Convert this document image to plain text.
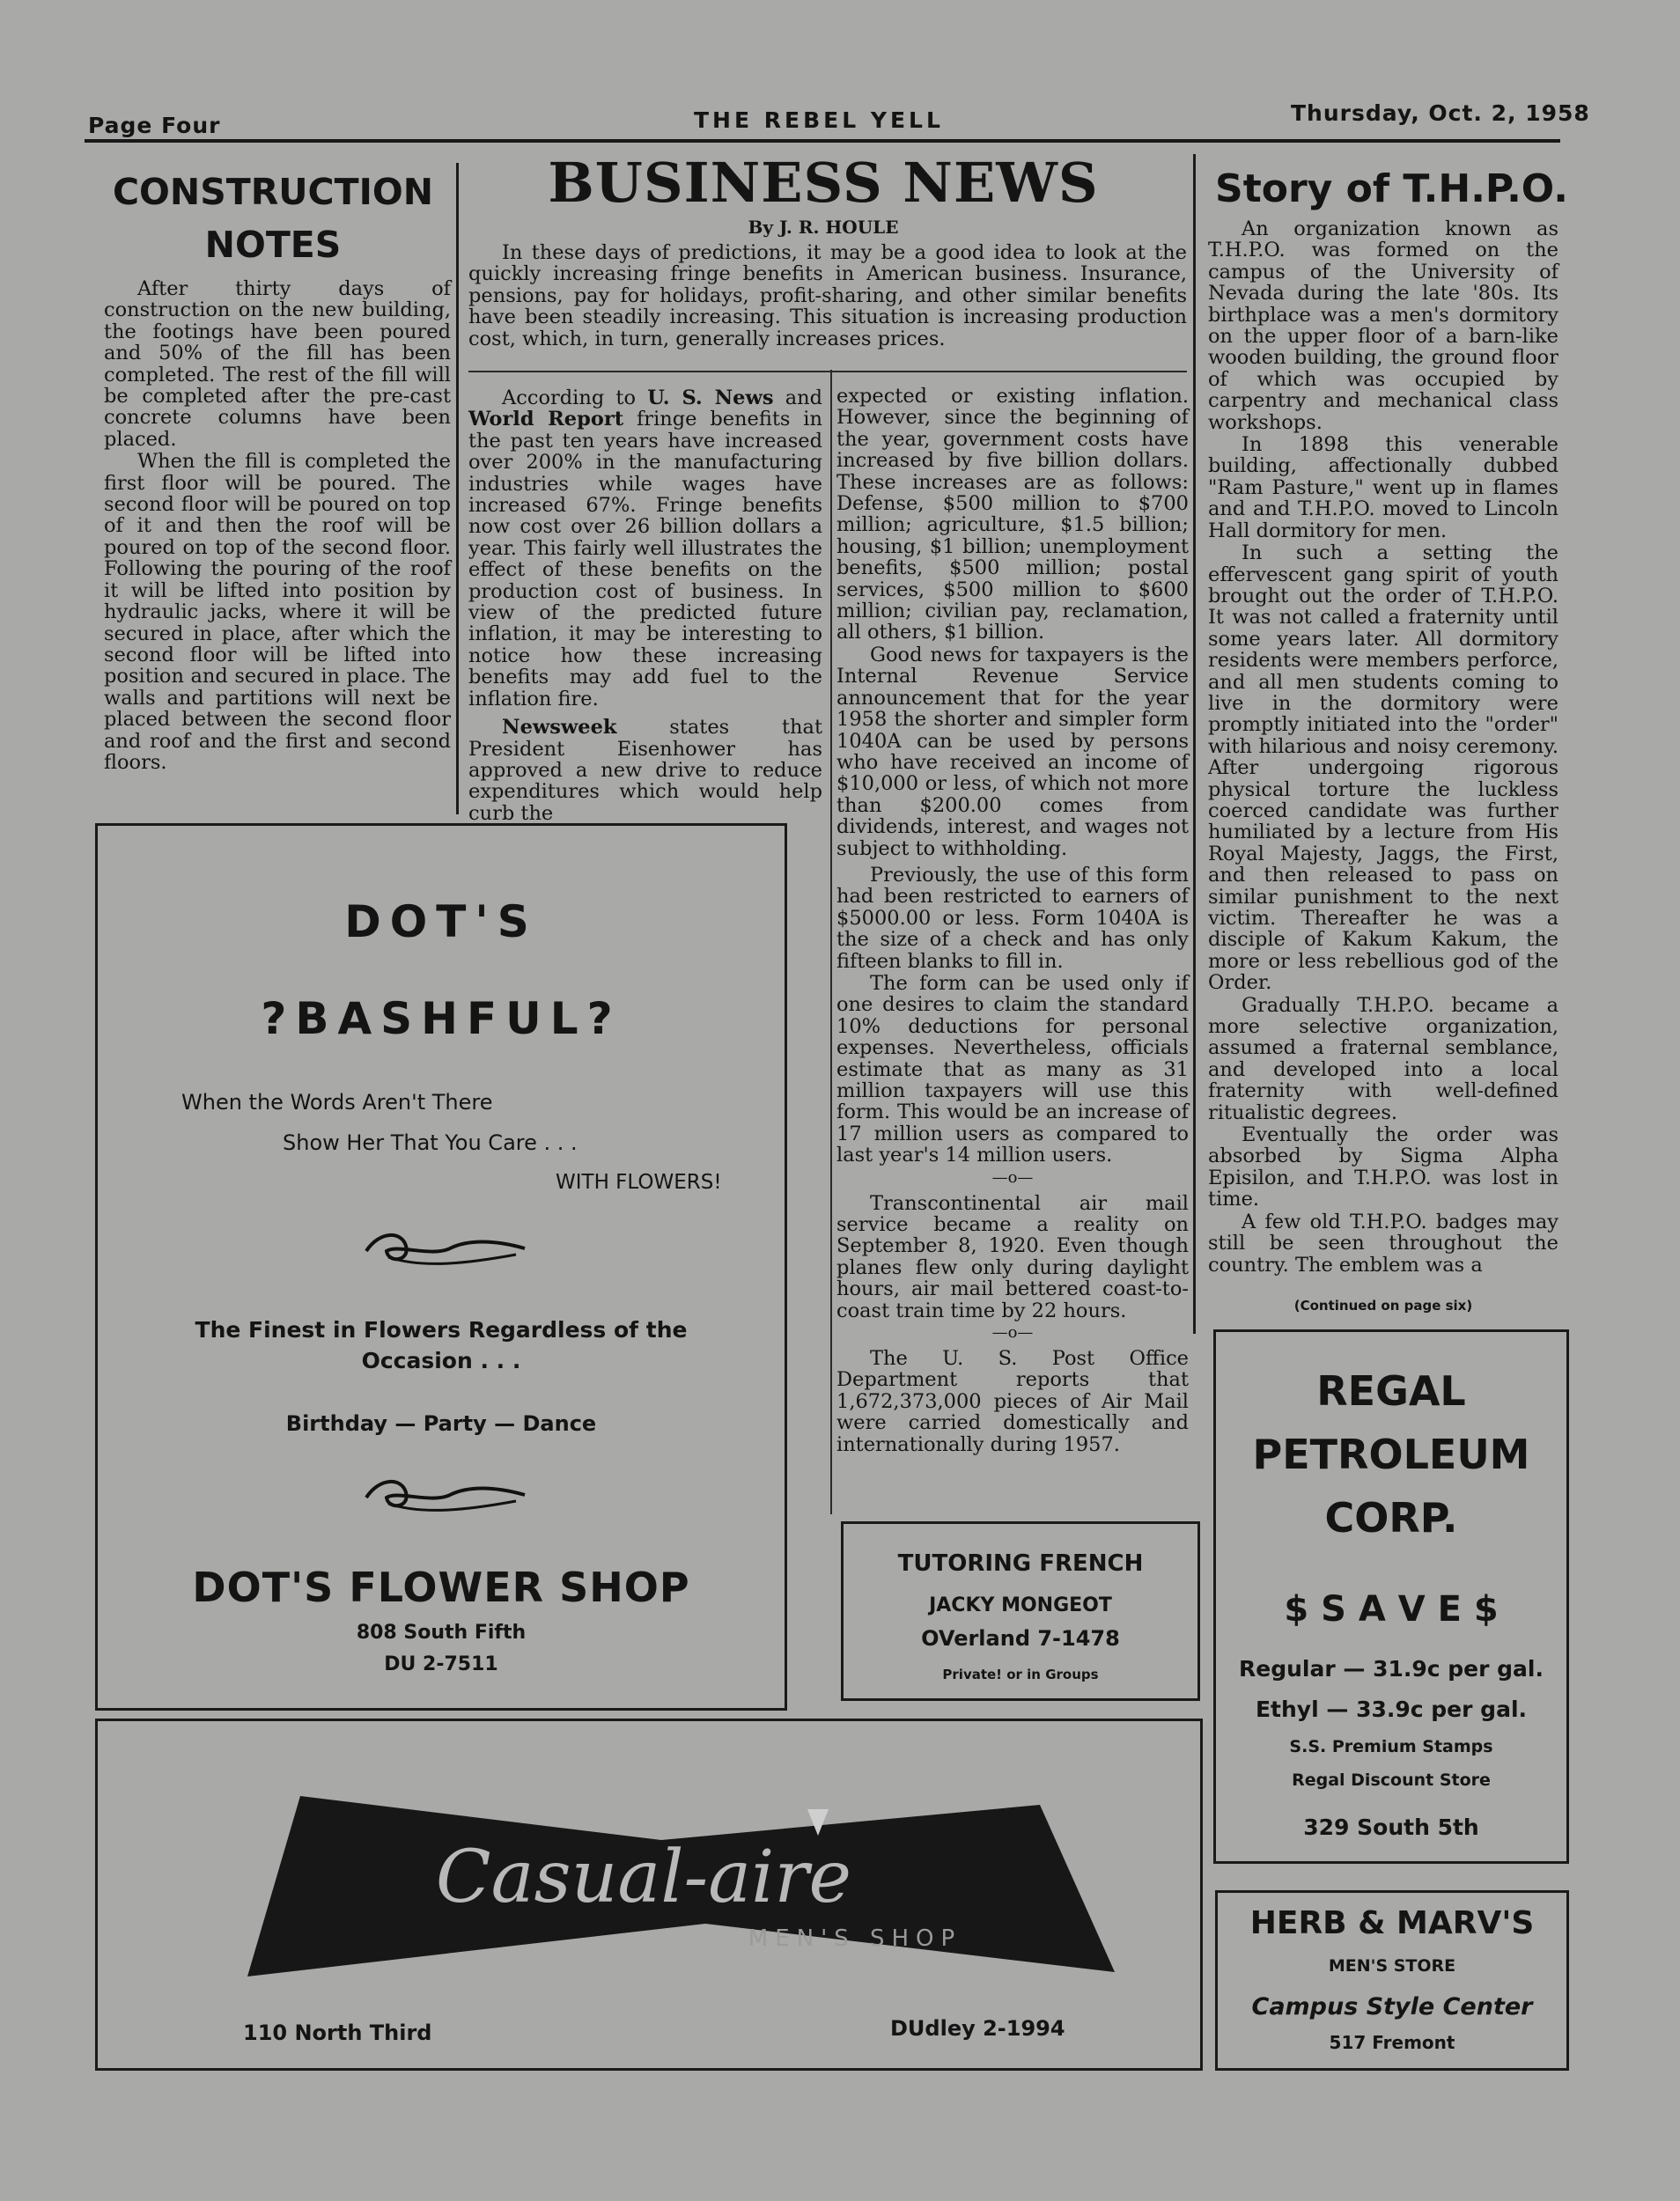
Page Four	THE REBEL YELL	Thursday, Oct. 2, 1958
CONSTRUCTION
NOTES

After thirty days of construction on the new building, the footings have been poured and 50% of the fill has been completed. The rest of the fill will be completed after the pre-cast concrete columns have been placed.

When the fill is completed the first floor will be poured. The second floor will be poured on top of it and then the roof will be poured on top of the second floor. Following the pouring of the roof it will be lifted into position by hydraulic jacks, where it will be secured in place, after which the second floor will be lifted into position and secured in place. The walls and partitions will next be placed between the second floor and roof and the first and second floors.

BUSINESS NEWS
By J. R. HOULE

In these days of predictions, it may be a good idea to look at the quickly increasing fringe benefits in American business. Insurance, pensions, pay for holidays, profit-sharing, and other similar benefits have been steadily increasing. This situation is increasing production cost, which, in turn, generally increases prices.

According to U. S. News and World Report fringe benefits in the past ten years have increased over 200% in the manufacturing industries while wages have increased 67%. Fringe benefits now cost over 26 billion dollars a year. This fairly well illustrates the effect of these benefits on the production cost of business. In view of the predicted future inflation, it may be interesting to notice how these increasing benefits may add fuel to the inflation fire.

Newsweek states that President Eisenhower has approved a new drive to reduce expenditures which would help curb the

expected or existing inflation. However, since the beginning of the year, government costs have increased by five billion dollars. These increases are as follows: Defense, $500 million to $700 million; agriculture, $1.5 billion; housing, $1 billion; unemployment benefits, $500 million; postal services, $500 million to $600 million; civilian pay, reclamation, all others, $1 billion.

Good news for taxpayers is the Internal Revenue Service announcement that for the year 1958 the shorter and simpler form 1040A can be used by persons who have received an income of $10,000 or less, of which not more than $200.00 comes from dividends, interest, and wages not subject to withholding.

Previously, the use of this form had been restricted to earners of $5000.00 or less. Form 1040A is the size of a check and has only fifteen blanks to fill in.

The form can be used only if one desires to claim the standard 10% deductions for personal expenses. Nevertheless, officials estimate that as many as 31 million taxpayers will use this form. This would be an increase of 17 million users as compared to last year's 14 million users.

—o—

Transcontinental air mail service became a reality on September 8, 1920. Even though planes flew only during daylight hours, air mail bettered coast-to-coast train time by 22 hours.

—o—

The U. S. Post Office Department reports that 1,672,373,000 pieces of Air Mail were carried domestically and internationally during 1957.

Story of T.H.P.O.

An organization known as T.H.P.O. was formed on the campus of the University of Nevada during the late '80s. Its birthplace was a men's dormitory on the upper floor of a barn-like wooden building, the ground floor of which was occupied by carpentry and mechanical class workshops.

In 1898 this venerable building, affectionally dubbed "Ram Pasture," went up in flames and and T.H.P.O. moved to Lincoln Hall dormitory for men.

In such a setting the effervescent gang spirit of youth brought out the order of T.H.P.O. It was not called a fraternity until some years later. All dormitory residents were members perforce, and all men students coming to live in the dormitory were promptly initiated into the "order" with hilarious and noisy ceremony. After undergoing rigorous physical torture the luckless coerced candidate was further humiliated by a lecture from His Royal Majesty, Jaggs, the First, and then released to pass on similar punishment to the next victim. Thereafter he was a disciple of Kakum Kakum, the more or less rebellious god of the Order.

Gradually T.H.P.O. became a more selective organization, assumed a fraternal semblance, and developed into a local fraternity with well-defined ritualistic degrees.

Eventually the order was absorbed by Sigma Alpha Episilon, and T.H.P.O. was lost in time.

A few old T.H.P.O. badges may still be seen throughout the country. The emblem was a

(Continued on page six)
DOT'S
?BASHFUL?
When the Words Aren't There
Show Her That You Care . . .
WITH FLOWERS!
The Finest in Flowers Regardless of the
Occasion . . .
Birthday — Party — Dance
DOT'S FLOWER SHOP
808 South Fifth
DU 2-7511
TUTORING FRENCH
JACKY MONGEOT
OVerland 7-1478
Private! or in Groups
Casual-aire
MEN'S SHOP
110 North Third	DUdley 2-1994
REGAL
PETROLEUM
CORP.
$ S A V E $
Regular — 31.9c per gal.
Ethyl — 33.9c per gal.
S.S. Premium Stamps
Regal Discount Store
329 South 5th
HERB & MARV'S
MEN'S STORE
Campus Style Center
517 Fremont
